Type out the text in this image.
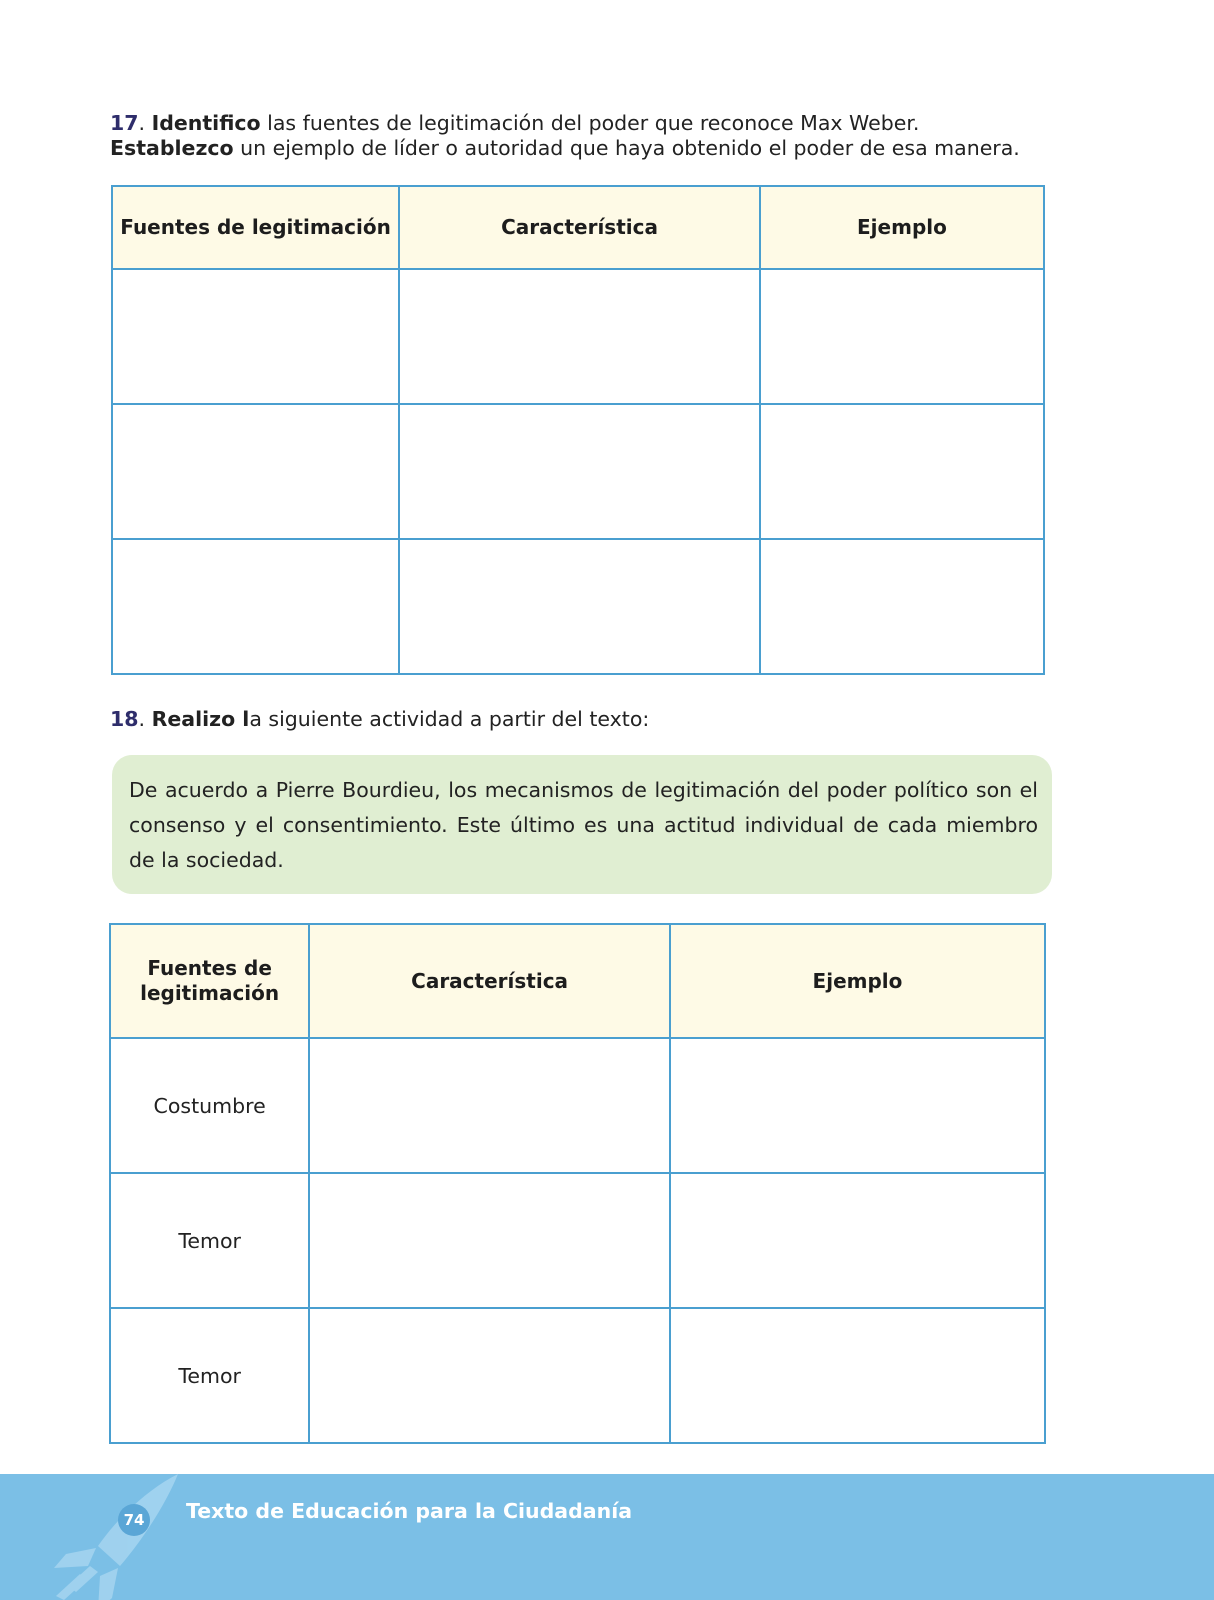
17. Identifico las fuentes de legitimación del poder que reconoce Max Weber. Establezco un ejemplo de líder o autoridad que haya obtenido el poder de esa manera.
Fuentes de legitimación	Característica	Ejemplo

18. Realizo la siguiente actividad a partir del texto:
De acuerdo a Pierre Bourdieu, los mecanismos de legitimación del poder político son el consenso y el consentimiento. Este último es una actitud individual de cada miembro de la sociedad.
Fuentes de legitimación	Característica	Ejemplo
Costumbre		
Temor		
Temor		
74 Texto de Educación para la Ciudadanía
